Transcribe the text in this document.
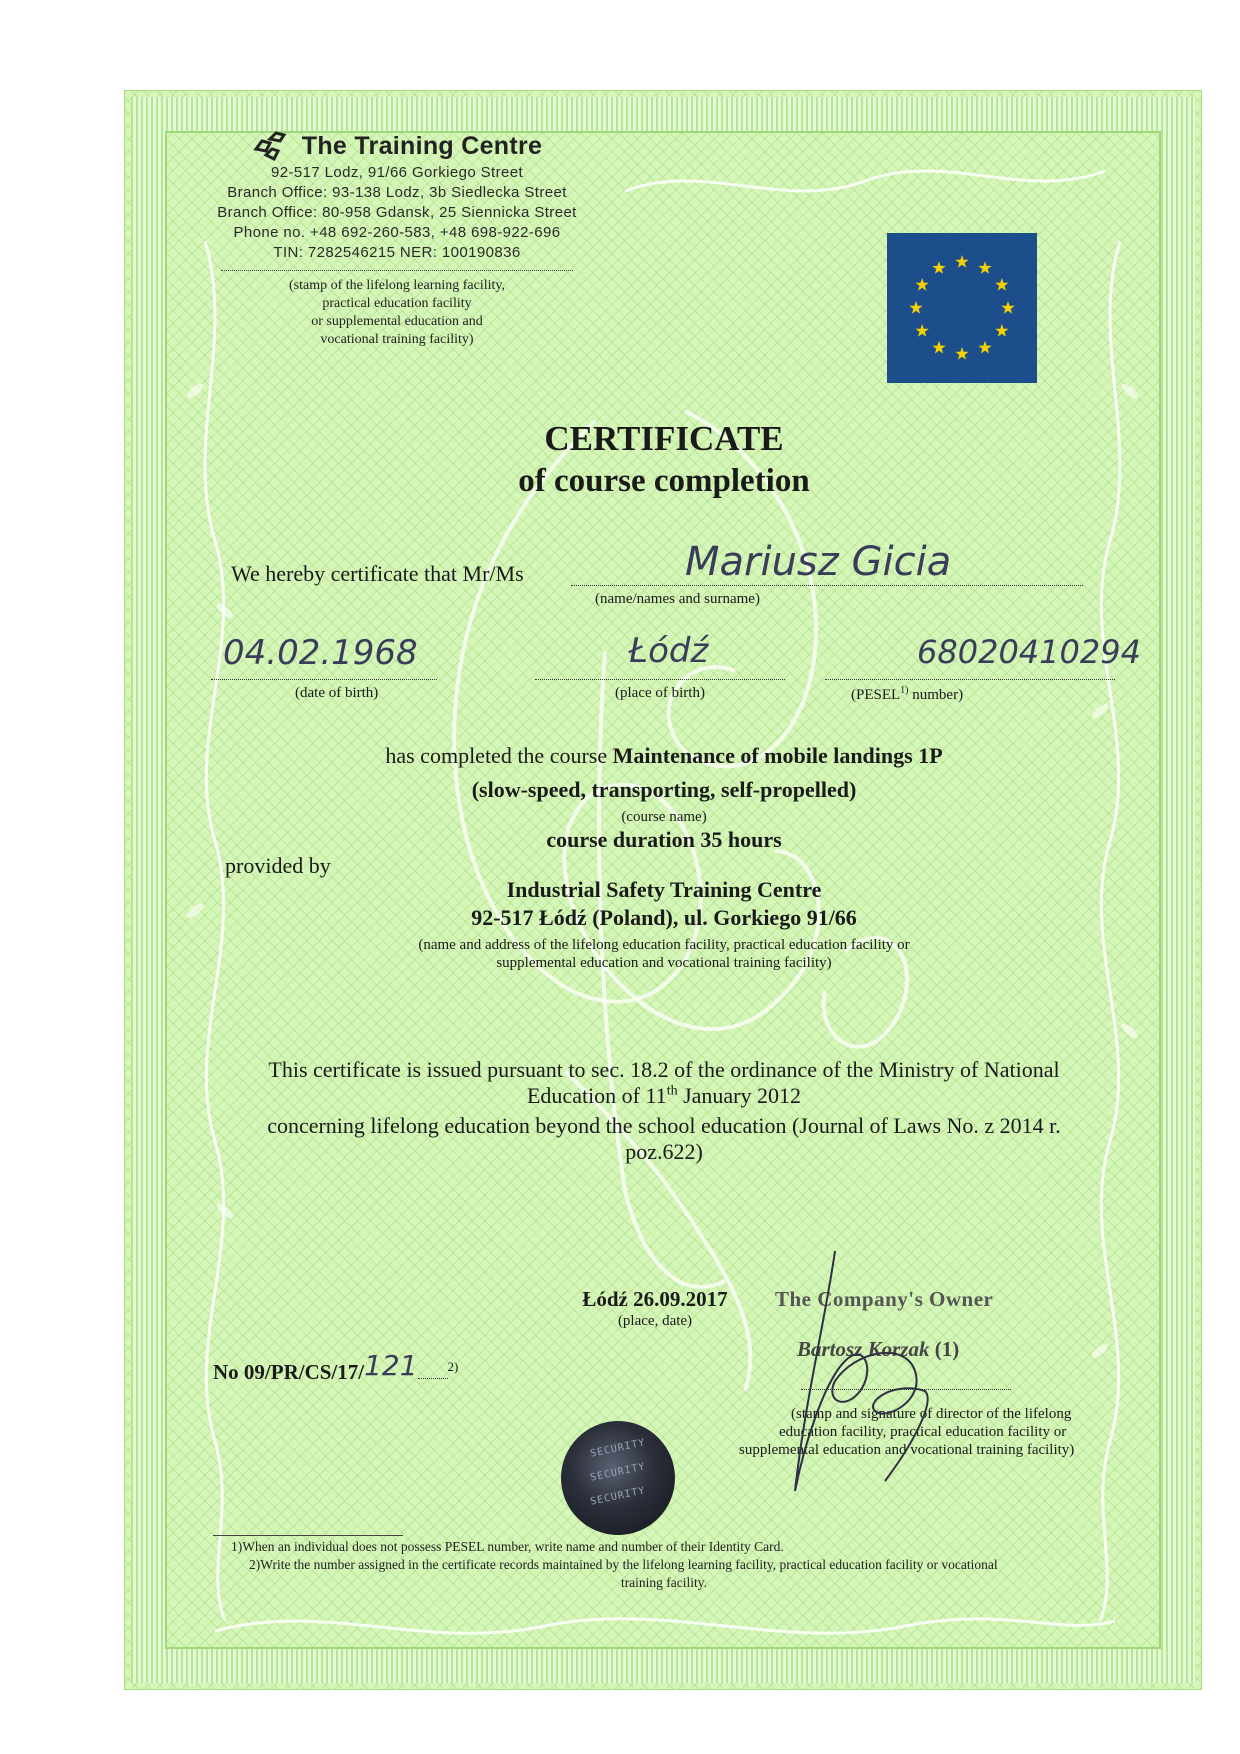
The Training Centre
92-517 Lodz, 91/66 Gorkiego Street
Branch Office: 93-138 Lodz, 3b Siedlecka Street
Branch Office: 80-958 Gdansk, 25 Siennicka Street
Phone no. +48 692-260-583, +48 698-922-696
TIN: 7282546215 NER: 100190836
(stamp of the lifelong learning facility,
practical education facility
or supplemental education and
vocational training facility)
CERTIFICATE
of course completion
We hereby certificate that Mr/Ms	Mariusz Gicia
(name/names and surname)
04.02.1968
(date of birth)
Łódź
(place of birth)
68020410294
(PESEL$^{1)}$ number)
has completed the course Maintenance of mobile landings 1P
(slow-speed, transporting, self-propelled)
(course name)
course duration 35 hours
provided by
Industrial Safety Training Centre
92-517 Łódź (Poland), ul. Gorkiego 91/66
(name and address of the lifelong education facility, practical education facility or
supplemental education and vocational training facility)
This certificate is issued pursuant to sec. 18.2 of the ordinance of the Ministry of National
Education of 11th January 2012
concerning lifelong education beyond the school education (Journal of Laws No. z 2014 r.
poz.622)
Łódź 26.09.2017
(place, date)
No 09/PR/CS/17/121 $^{2)}$
The Company's Owner
Bartosz Korzak (1)
(stamp and signature of director of the lifelong
education facility, practical education facility or
supplemental education and vocational training facility)
SECURITY
SECURITY
SECURITY
1)When an individual does not possess PESEL number, write name and number of their Identity Card.
2)Write the number assigned in the certificate records maintained by the lifelong learning facility, practical education facility or vocational
training facility.
